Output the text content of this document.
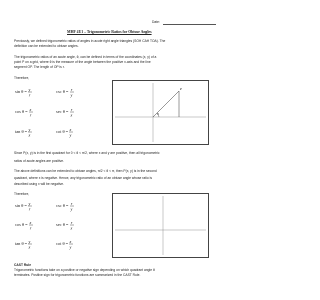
Date:
MHF 4U1 – Trigonometric Ratios for Obtuse Angles
Previously, we defined trigonometric ratios of angles in acute right angle triangles (SOH CAH TOA). The
definition can be extended to obtuse angles.
The trigonometric ratios of an acute angle, θ, can be defined in terms of the coordinates (x, y) of a
point P on a grid, where θ is the measure of the angle between the positive x-axis and the line
segment OP. The length of OP is r.
Therefore,
sin θ = y
r
csc θ = r
y
cos θ = x
r
sec θ = r
x
tan θ = y
x
cot θ = x
y
θ
P
Since P(x, y) is in the first quadrant for 0 < θ < π/2, where x and y are positive, then all trigonometric
ratios of acute angles are positive.
The above definitions can be extended to obtuse angles, π/2 < θ < π, then P(x, y) is in the second
quadrant, where x is negative. Hence, any trigonometric ratio of an obtuse angle whose ratio is
described using x will be negative.
Therefore,
sin θ = y
r
csc θ = r
y
cos θ = x
r
sec θ = r
x
tan θ = y
x
cot θ = x
y
CAST Rule
Trigonometric functions take on a positive or negative sign depending on which quadrant angle θ
terminates. Positive sign for trigonometric functions are summarized in the CAST Rule.
